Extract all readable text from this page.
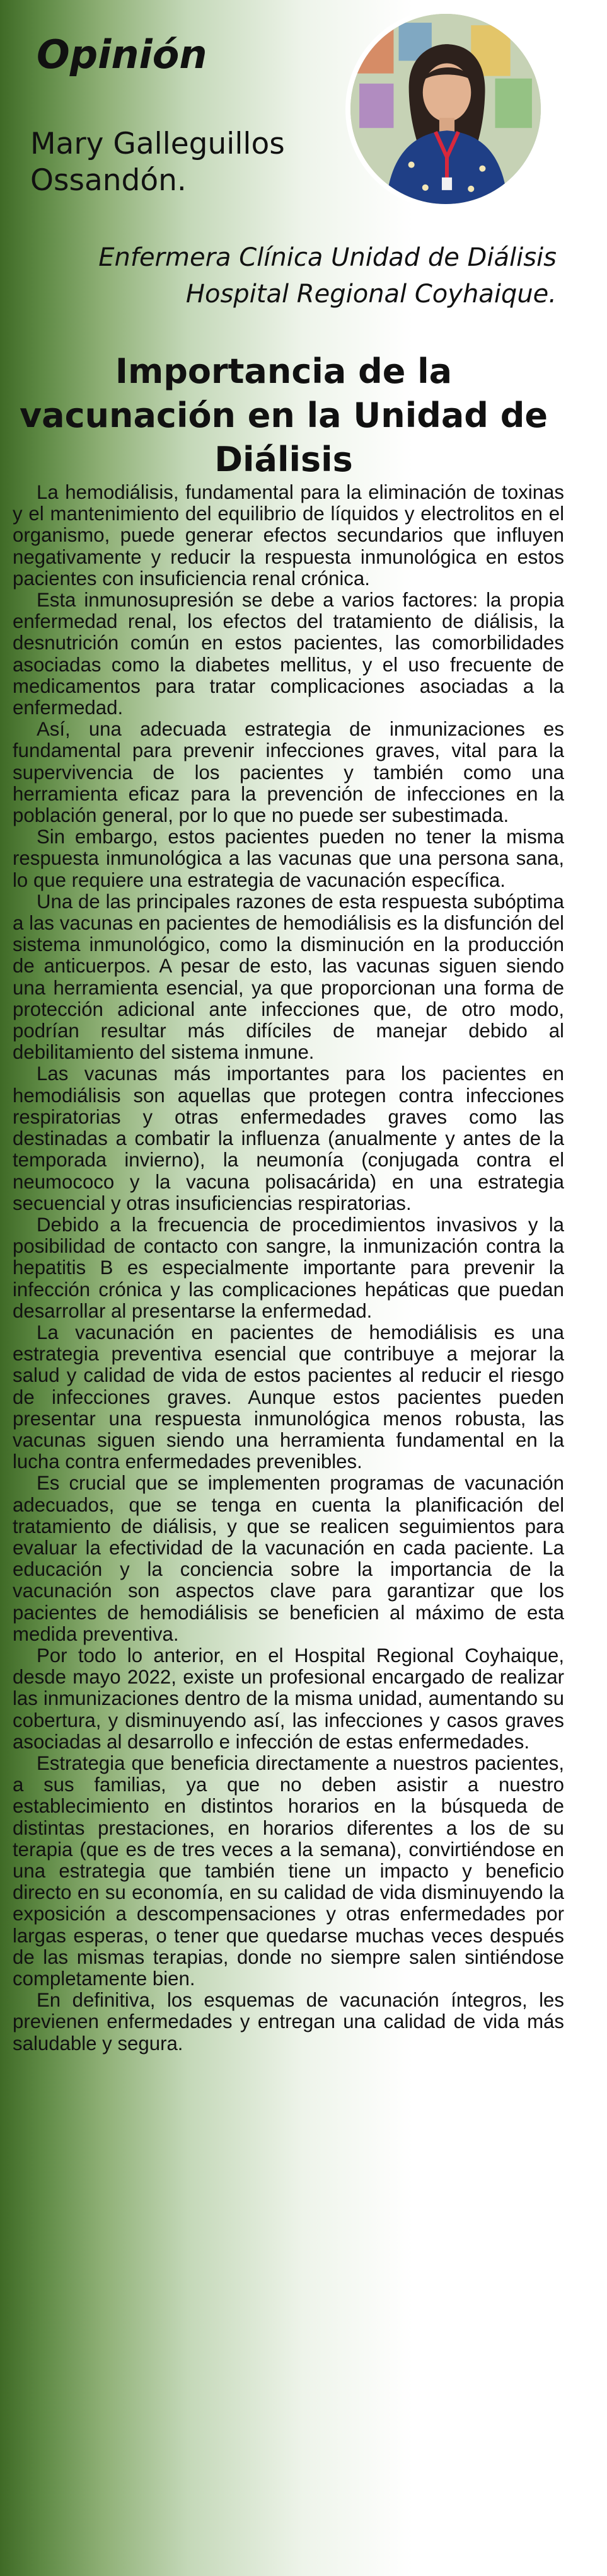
Opinión
Mary Galleguillos Ossandón.
Enfermera Clínica Unidad de Diálisis
Hospital Regional Coyhaique.
Importancia de la vacunación en la Unidad de Diálisis

La hemodiálisis, fundamental para la eliminación de toxinas y el mantenimiento del equilibrio de líquidos y electrolitos en el organismo, puede generar efectos secundarios que influyen negativamente y reducir la respuesta inmunológica en estos pacientes con insuficiencia renal crónica.

Esta inmunosupresión se debe a varios factores: la propia enfermedad renal, los efectos del tratamiento de diálisis, la desnutrición común en estos pacientes, las comorbilidades asociadas como la diabetes mellitus, y el uso frecuente de medicamentos para tratar complicaciones asociadas a la enfermedad.

Así, una adecuada estrategia de inmunizaciones es fundamental para prevenir infecciones graves, vital para la supervivencia de los pacientes y también como una herramienta eficaz para la prevención de infecciones en la población general, por lo que no puede ser subestimada.

Sin embargo, estos pacientes pueden no tener la misma respuesta inmunológica a las vacunas que una persona sana, lo que requiere una estrategia de vacunación específica.

Una de las principales razones de esta respuesta subóptima a las vacunas en pacientes de hemodiálisis es la disfunción del sistema inmunológico, como la disminución en la producción de anticuerpos. A pesar de esto, las vacunas siguen siendo una herramienta esencial, ya que proporcionan una forma de protección adicional ante infecciones que, de otro modo, podrían resultar más difíciles de manejar debido al debilitamiento del sistema inmune.

Las vacunas más importantes para los pacientes en hemodiálisis son aquellas que protegen contra infecciones respiratorias y otras enfermedades graves como las destinadas a combatir la influenza (anualmente y antes de la temporada invierno), la neumonía (conjugada contra el neumococo y la vacuna polisacárida) en una estrategia secuencial y otras insuficiencias respiratorias.

Debido a la frecuencia de procedimientos invasivos y la posibilidad de contacto con sangre, la inmunización contra la hepatitis B es especialmente importante para prevenir la infección crónica y las complicaciones hepáticas que puedan desarrollar al presentarse la enfermedad.

La vacunación en pacientes de hemodiálisis es una estrategia preventiva esencial que contribuye a mejorar la salud y calidad de vida de estos pacientes al reducir el riesgo de infecciones graves. Aunque estos pacientes pueden presentar una respuesta inmunológica menos robusta, las vacunas siguen siendo una herramienta fundamental en la lucha contra enfermedades prevenibles.

Es crucial que se implementen programas de vacunación adecuados, que se tenga en cuenta la planificación del tratamiento de diálisis, y que se realicen seguimientos para evaluar la efectividad de la vacunación en cada paciente. La educación y la conciencia sobre la importancia de la vacunación son aspectos clave para garantizar que los pacientes de hemodiálisis se beneficien al máximo de esta medida preventiva.

Por todo lo anterior, en el Hospital Regional Coyhaique, desde mayo 2022, existe un profesional encargado de realizar las inmunizaciones dentro de la misma unidad, aumentando su cobertura, y disminuyendo así, las infecciones y casos graves asociadas al desarrollo e infección de estas enfermedades.

Estrategia que beneficia directamente a nuestros pacientes, a sus familias, ya que no deben asistir a nuestro establecimiento en distintos horarios en la búsqueda de distintas prestaciones, en horarios diferentes a los de su terapia (que es de tres veces a la semana), convirtiéndose en una estrategia que también tiene un impacto y beneficio directo en su economía, en su calidad de vida disminuyendo la exposición a descompensaciones y otras enfermedades por largas esperas, o tener que quedarse muchas veces después de las mismas terapias, donde no siempre salen sintiéndose completamente bien.

En definitiva, los esquemas de vacunación íntegros, les previenen enfermedades y entregan una calidad de vida más saludable y segura.
